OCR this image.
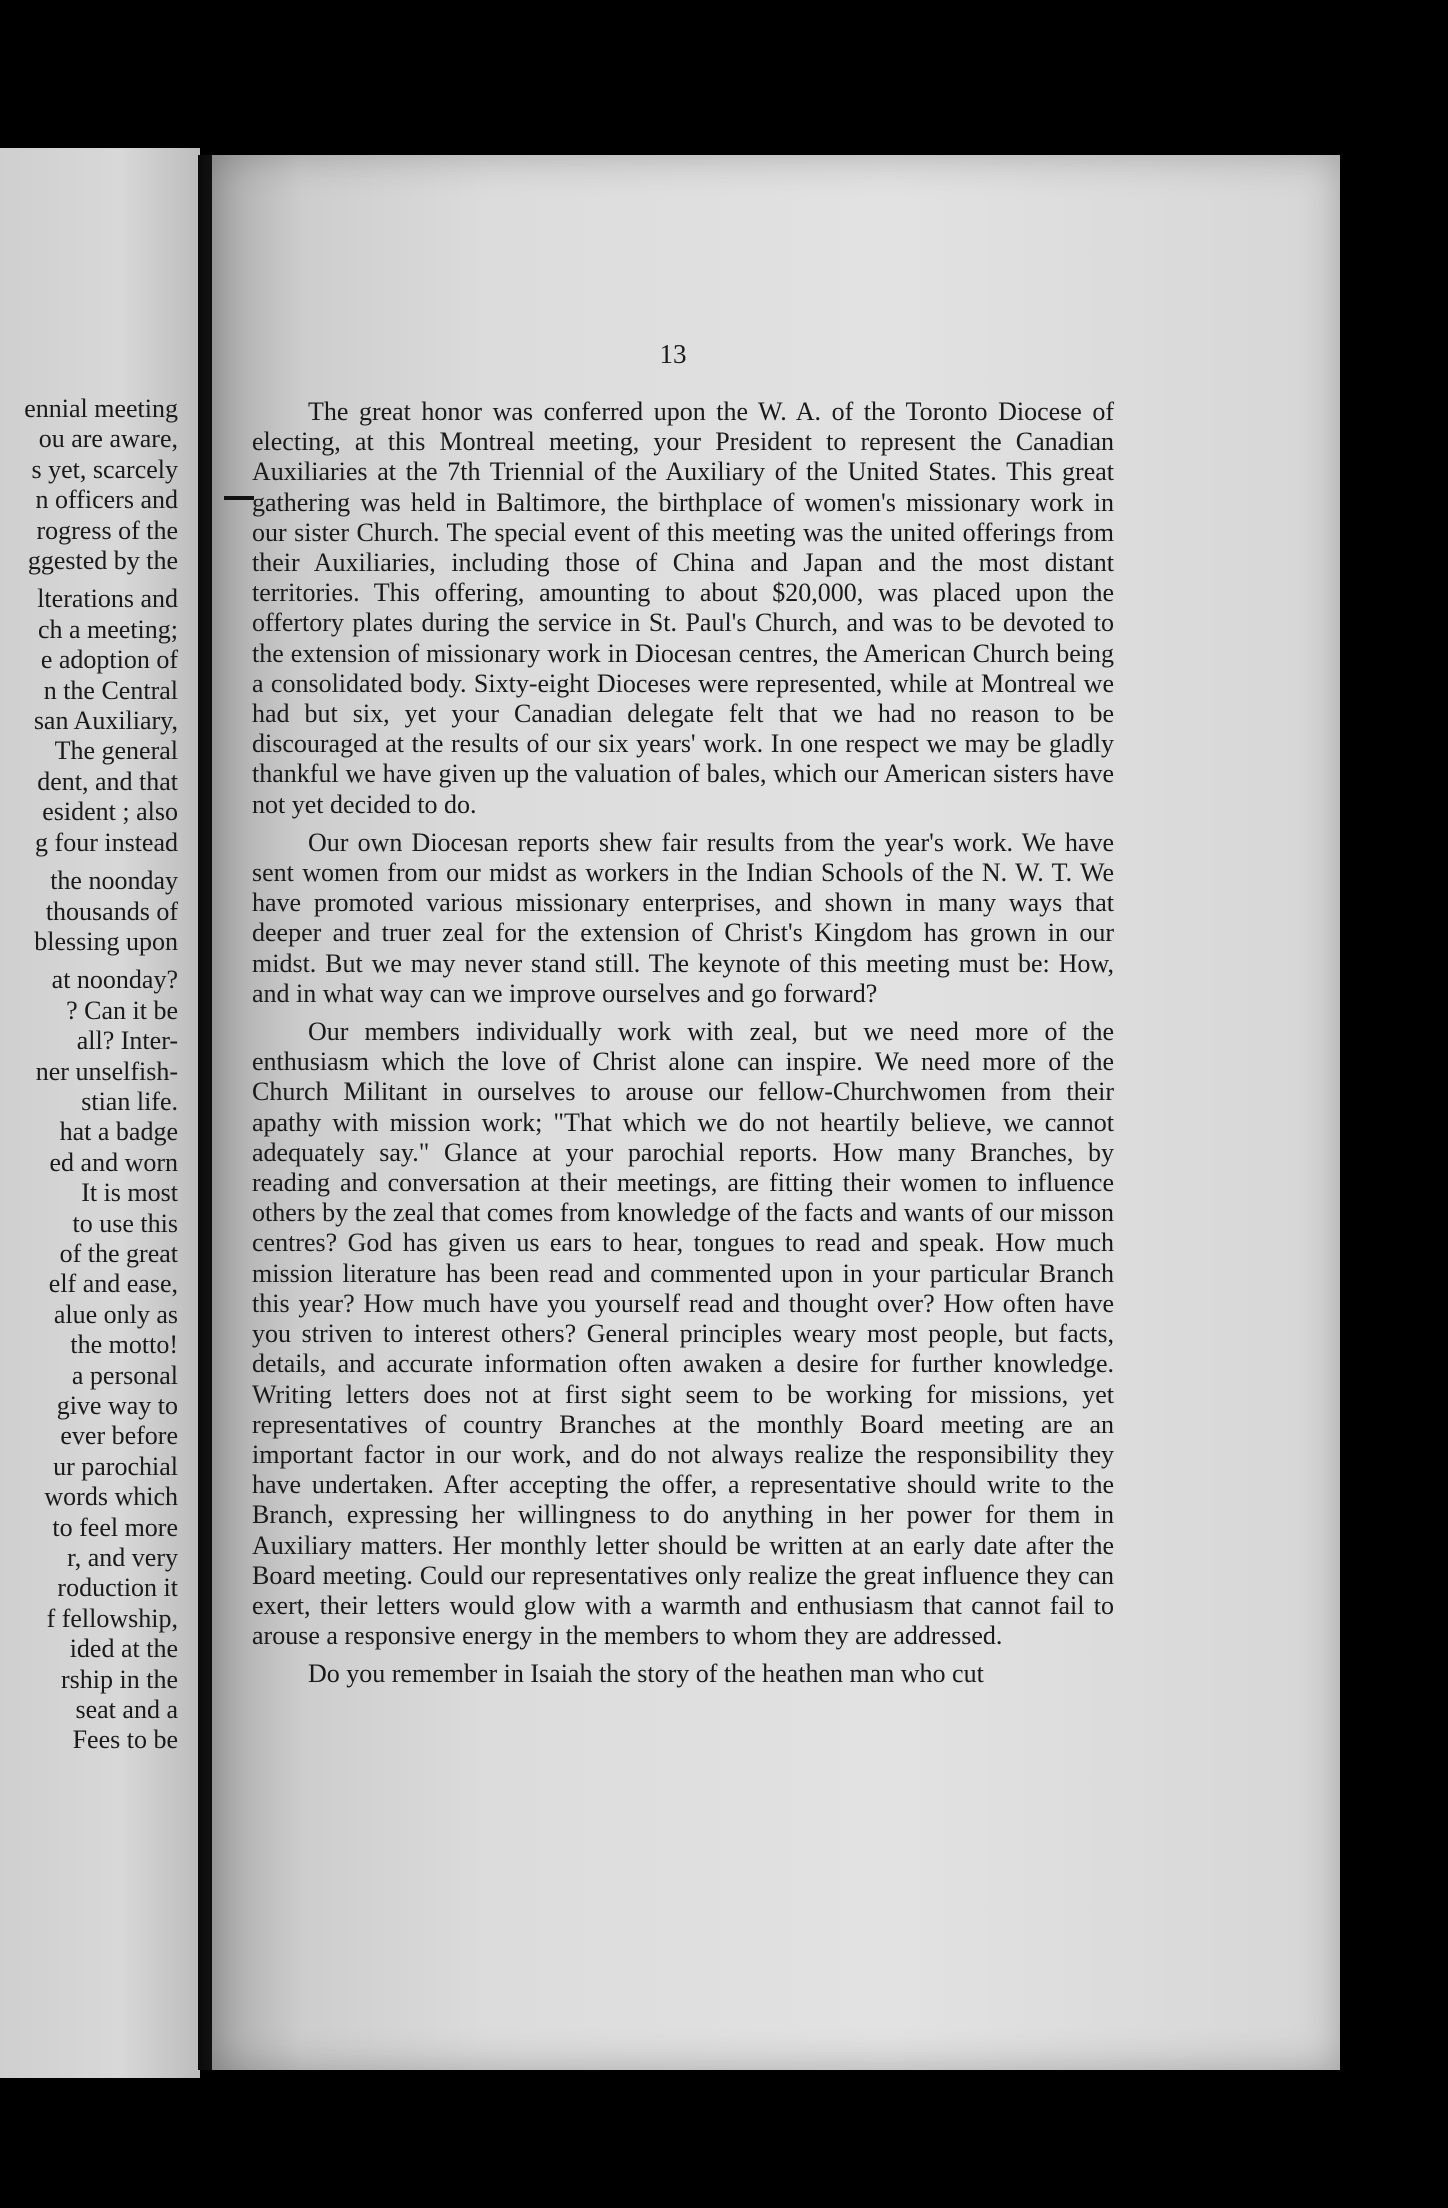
ennial meeting
ou are aware,
s yet, scarcely
n officers and
rogress of the
ggested by the
lterations and
ch a meeting;
e adoption of
n the Central
san Auxiliary,
The general
dent, and that
esident ; also
g four instead
the noonday
thousands of
blessing upon
at noonday?
? Can it be
all? Inter-
ner unselfish-
stian life.
hat a badge
ed and worn
It is most
to use this
of the great
elf and ease,
alue only as
the motto!
a personal
give way to
ever before
ur parochial
words which
to feel more
r, and very
roduction it
f fellowship,
ided at the
rship in the
seat and a
Fees to be
13

The great honor was conferred upon the W. A. of the Toronto Diocese of electing, at this Montreal meeting, your President to represent the Canadian Auxiliaries at the 7th Triennial of the Auxiliary of the United States. This great gathering was held in Baltimore, the birthplace of women's missionary work in our sister Church. The special event of this meeting was the united offerings from their Auxiliaries, including those of China and Japan and the most distant territories. This offering, amounting to about $20,000, was placed upon the offertory plates during the service in St. Paul's Church, and was to be devoted to the extension of missionary work in Diocesan centres, the American Church being a consolidated body. Sixty-eight Dioceses were represented, while at Montreal we had but six, yet your Canadian delegate felt that we had no reason to be discouraged at the results of our six years' work. In one respect we may be gladly thankful we have given up the valuation of bales, which our American sisters have not yet decided to do.

Our own Diocesan reports shew fair results from the year's work. We have sent women from our midst as workers in the Indian Schools of the N. W. T. We have promoted various missionary enterprises, and shown in many ways that deeper and truer zeal for the extension of Christ's Kingdom has grown in our midst. But we may never stand still. The keynote of this meeting must be: How, and in what way can we improve ourselves and go forward?

Our members individually work with zeal, but we need more of the enthusiasm which the love of Christ alone can inspire. We need more of the Church Militant in ourselves to arouse our fellow-Churchwomen from their apathy with mission work; "That which we do not heartily believe, we cannot adequately say." Glance at your parochial reports. How many Branches, by reading and conversation at their meetings, are fitting their women to influence others by the zeal that comes from knowledge of the facts and wants of our misson centres? God has given us ears to hear, tongues to read and speak. How much mission literature has been read and commented upon in your particular Branch this year? How much have you yourself read and thought over? How often have you striven to interest others? General principles weary most people, but facts, details, and accurate information often awaken a desire for further knowledge. Writing letters does not at first sight seem to be working for missions, yet representatives of country Branches at the monthly Board meeting are an important factor in our work, and do not always realize the responsibility they have undertaken. After accepting the offer, a representative should write to the Branch, expressing her willingness to do anything in her power for them in Auxiliary matters. Her monthly letter should be written at an early date after the Board meeting. Could our representatives only realize the great influence they can exert, their letters would glow with a warmth and enthusiasm that cannot fail to arouse a responsive energy in the members to whom they are addressed.

Do you remember in Isaiah the story of the heathen man who cut
